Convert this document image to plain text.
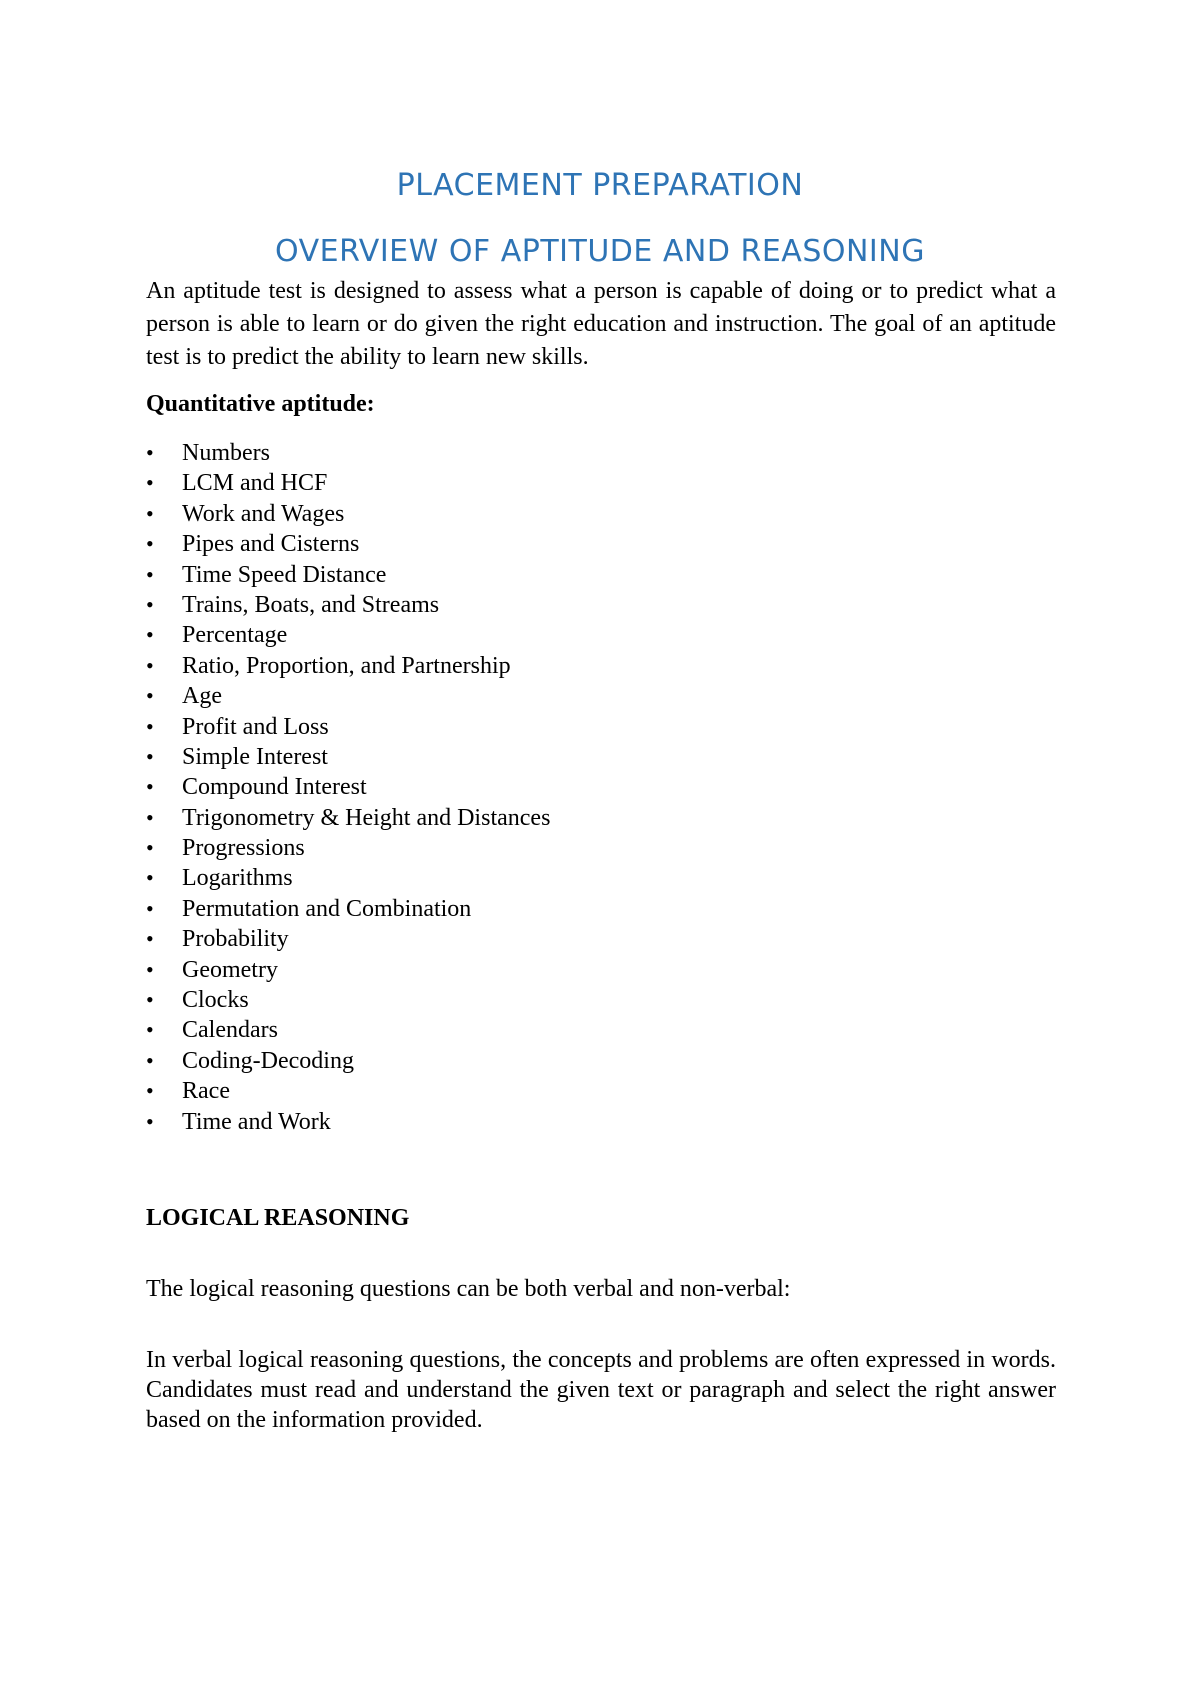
PLACEMENT PREPARATION
OVERVIEW OF APTITUDE AND REASONING

An aptitude test is designed to assess what a person is capable of doing or to predict what a person is able to learn or do given the right education and instruction. The goal of an aptitude test is to predict the ability to learn new skills.

Quantitative aptitude:

• Numbers
• LCM and HCF
• Work and Wages
• Pipes and Cisterns
• Time Speed Distance
• Trains, Boats, and Streams
• Percentage
• Ratio, Proportion, and Partnership
• Age
• Profit and Loss
• Simple Interest
• Compound Interest
• Trigonometry & Height and Distances
• Progressions
• Logarithms
• Permutation and Combination
• Probability
• Geometry
• Clocks
• Calendars
• Coding-Decoding
• Race
• Time and Work

LOGICAL REASONING

The logical reasoning questions can be both verbal and non-verbal:

In verbal logical reasoning questions, the concepts and problems are often expressed in words. Candidates must read and understand the given text or paragraph and select the right answer based on the information provided.
